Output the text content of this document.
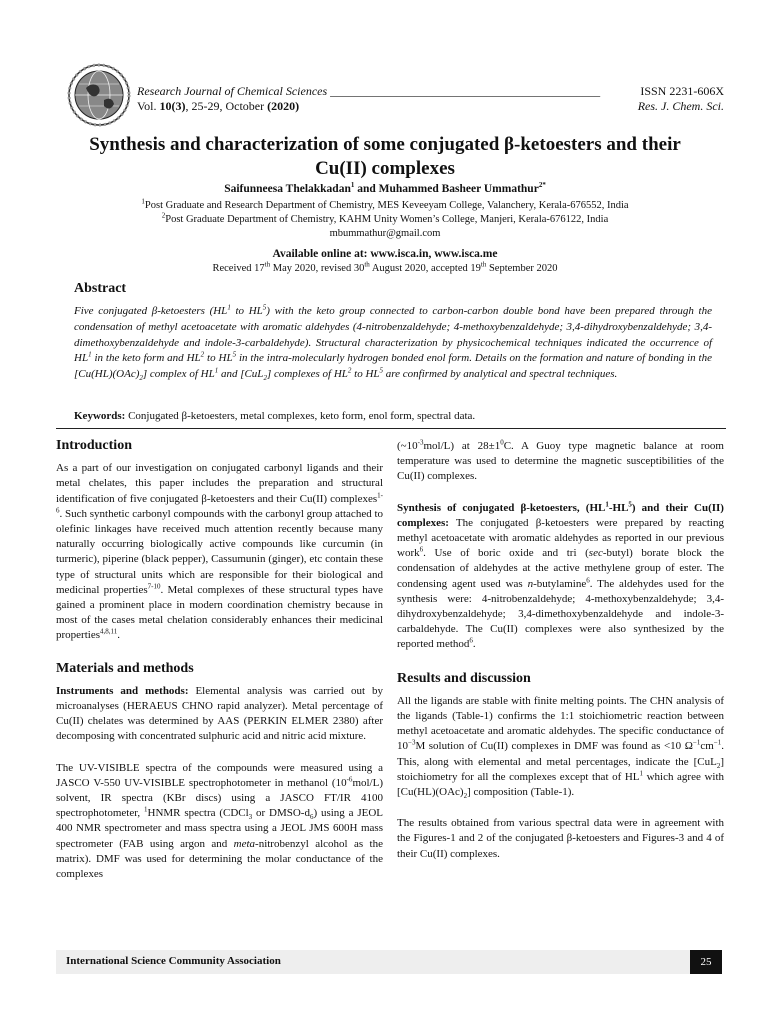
Research Journal of Chemical Sciences _____________________________________________
Vol. 10(3), 25-29, October (2020)
ISSN 2231-606X
Res. J. Chem. Sci.
Synthesis and characterization of some conjugated β-ketoesters and their
Cu(II) complexes
Saifunneesa Thelakkadan$^1$ and Muhammed Basheer Ummathur$^{2*}$
$^1$Post Graduate and Research Department of Chemistry, MES Keveeyam College, Valanchery, Kerala-676552, India
$^2$Post Graduate Department of Chemistry, KAHM Unity Women’s College, Manjeri, Kerala-676122, India
mbummathur@gmail.com
Available online at: www.isca.in, www.isca.me
Received 17th May 2020, revised 30th August 2020, accepted 19th September 2020
Abstract
Five conjugated β-ketoesters ($HL^1$ to $HL^5$) with the keto group connected to carbon-carbon double bond have been prepared through the condensation of methyl acetoacetate with aromatic aldehydes (4-nitrobenzaldehyde; 4-methoxybenzaldehyde; 3,4-dihydroxybenzaldehyde; 3,4-dimethoxybenzaldehyde and indole-3-carbaldehyde). Structural characterization by physicochemical techniques indicated the occurrence of $HL^1$ in the keto form and $HL^2$ to $HL^5$ in the intra-molecularly hydrogen bonded enol form. Details on the formation and nature of bonding in the $[Cu(HL)(OAc)_2]$ complex of $HL^1$ and [CuL$_2$] complexes of $HL^2$ to $HL^5$ are confirmed by analytical and spectral techniques.
Keywords: Conjugated β-ketoesters, metal complexes, keto form, enol form, spectral data.
Introduction

As a part of our investigation on conjugated carbonyl ligands and their metal chelates, this paper includes the preparation and structural identification of five conjugated β-ketoesters and their Cu(II) complexes$^{1-6}$. Such synthetic carbonyl compounds with the carbonyl group attached to olefinic linkages have received much attention recently because many naturally occurring biologically active compounds like curcumin (in turmeric), piperine (black pepper), Cassumunin (ginger), etc contain these type of structural units which are responsible for their biological and medicinal properties$^{7-10}$. Metal complexes of these structural types have gained a prominent place in modern coordination chemistry because in most of the cases metal chelation considerably enhances their medicinal properties$^{4,8,11}$.

Materials and methods

Instruments and methods: Elemental analysis was carried out by microanalyses (HERAEUS CHNO rapid analyzer). Metal percentage of Cu(II) chelates was determined by AAS (PERKIN ELMER 2380) after decomposing with concentrated sulphuric acid and nitric acid mixture.

The UV-VISIBLE spectra of the compounds were measured using a JASCO V-550 UV-VISIBLE spectrophotometer in methanol $(10^{-6}mol/L)$ solvent, IR spectra (KBr discs) using a JASCO FT/IR 4100 spectrophotometer, $^1$HNMR spectra (CDCl$_3$ or DMSO-$d_6$) using a JEOL 400 NMR spectrometer and mass spectra using a JEOL JMS 600H mass spectrometer (FAB using argon and meta-nitrobenzyl alcohol as the matrix). DMF was used for determining the molar conductance of the complexes

$(\sim 10^{-3}mol/L)$ at $28\pm 1^0C$. A Guoy type magnetic balance at room temperature was used to determine the magnetic susceptibilities of the Cu(II) complexes.

Synthesis of conjugated β-ketoesters, $(HL^1-HL^5)$ and their Cu(II) complexes: The conjugated β-ketoesters were prepared by reacting methyl acetoacetate with aromatic aldehydes as reported in our previous work$^6$. Use of boric oxide and tri (sec-butyl) borate block the condensation of aldehydes at the active methylene group of ester. The condensing agent used was n-butylamine$^6$. The aldehydes used for the synthesis were: 4-nitrobenzaldehyde; 4-methoxybenzaldehyde; 3,4-dihydroxybenzaldehyde; 3,4-dimethoxybenzaldehyde and indole-3-carbaldehyde. The Cu(II) complexes were also synthesized by the reported method$^6$.

Results and discussion

All the ligands are stable with finite melting points. The CHN analysis of the ligands (Table-1) confirms the 1:1 stoichiometric reaction between methyl acetoacetate and aromatic aldehydes. The specific conductance of $10^{-3}M$ solution of Cu(II) complexes in DMF was found as <10 $\Omega^{-1}cm^{-1}$. This, along with elemental and metal percentages, indicate the [CuL$_2$] stoichiometry for all the complexes except that of $HL^1$ which agree with $[Cu(HL)(OAc)_2]$ composition (Table-1).

The results obtained from various spectral data were in agreement with the Figures-1 and 2 of the conjugated β-ketoesters and Figures-3 and 4 of their Cu(II) complexes.

International Science Community Association	25
